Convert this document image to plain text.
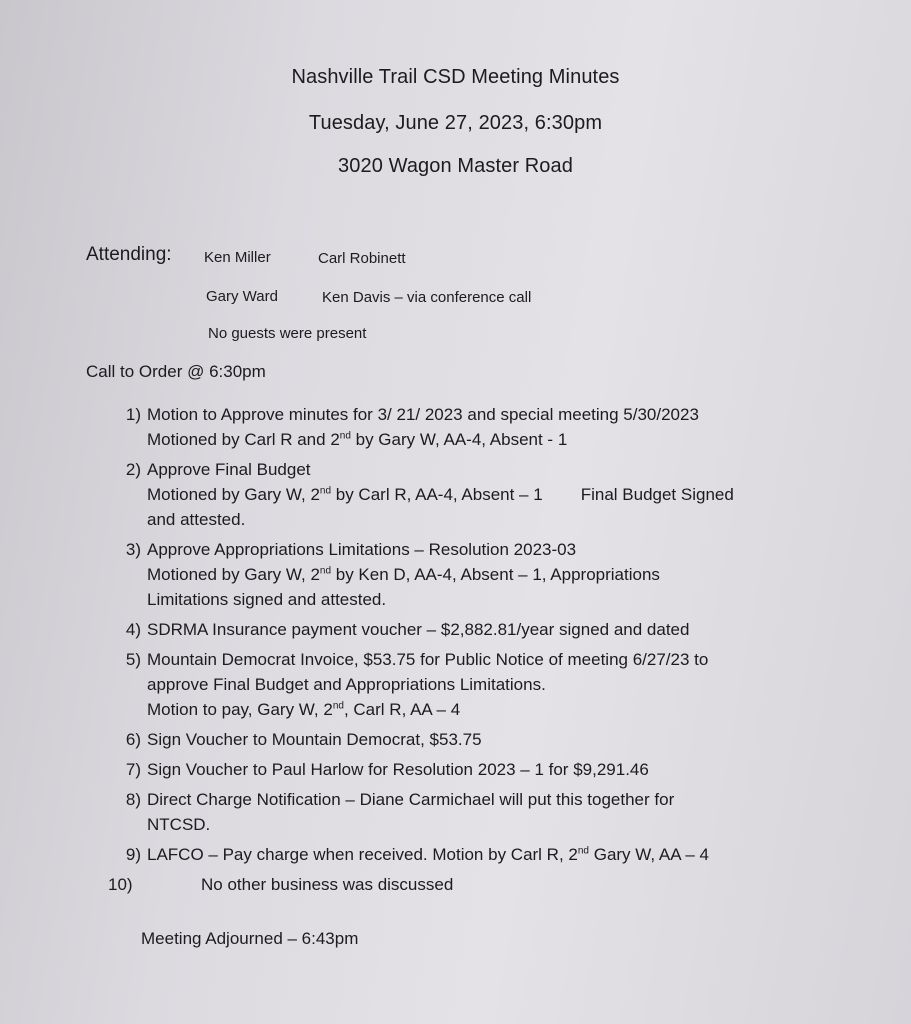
Nashville Trail CSD Meeting Minutes
Tuesday, June 27, 2023, 6:30pm
3020 Wagon Master Road
Attending: Ken Miller	Carl Robinett
Gary Ward	Ken Davis – via conference call
No guests were present
Call to Order @ 6:30pm
1) Motion to Approve minutes for 3/ 21/ 2023 and special meeting 5/30/2023
Motioned by Carl R and 2nd by Gary W, AA-4, Absent - 1
2) Approve Final Budget
Motioned by Gary W, 2nd by Carl R, AA-4, Absent – 1 Final Budget Signed
and attested.
3) Approve Appropriations Limitations – Resolution 2023-03
Motioned by Gary W, 2nd by Ken D, AA-4, Absent – 1, Appropriations
Limitations signed and attested.
4) SDRMA Insurance payment voucher – $2,882.81/year signed and dated
5) Mountain Democrat Invoice, $53.75 for Public Notice of meeting 6/27/23 to
approve Final Budget and Appropriations Limitations.
Motion to pay, Gary W, 2nd, Carl R, AA – 4
6) Sign Voucher to Mountain Democrat, $53.75
7) Sign Voucher to Paul Harlow for Resolution 2023 – 1 for $9,291.46
8) Direct Charge Notification – Diane Carmichael will put this together for
NTCSD.
9) LAFCO – Pay charge when received. Motion by Carl R, 2nd Gary W, AA – 4
10)	No other business was discussed
Meeting Adjourned – 6:43pm
